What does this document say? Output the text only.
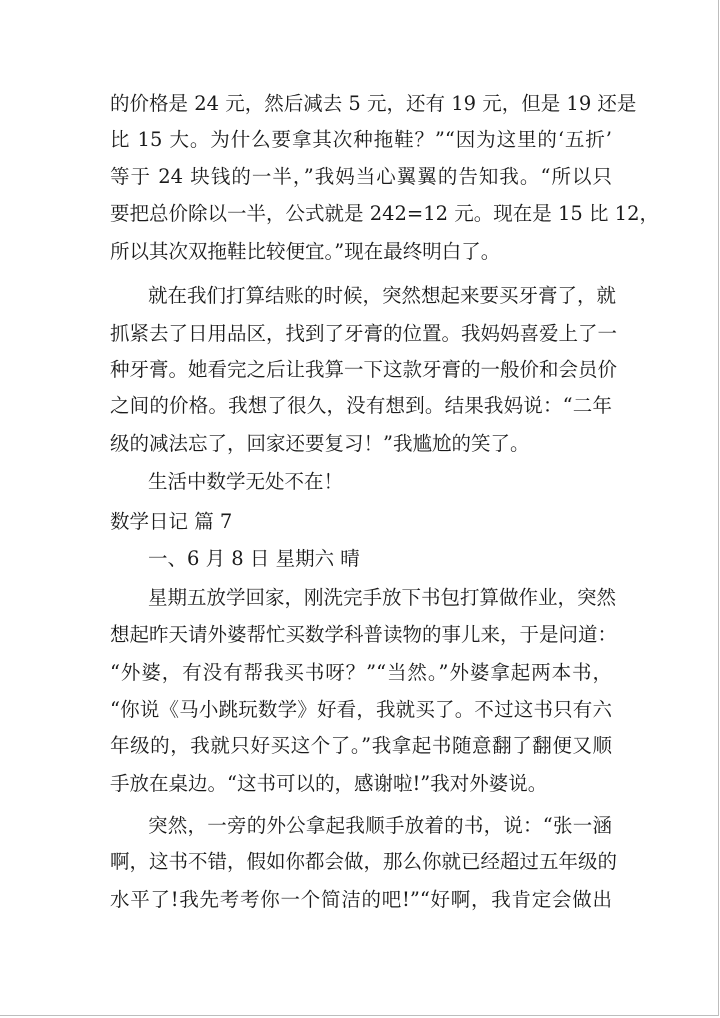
的价格是 24 元，然后减去 5 元，还有 19 元，但是 19 还是
比 15 大。为什么要拿其次种拖鞋？”“因为这里的‘五折’
等于 24 块钱的一半，”我妈当心翼翼的告知我。“所以只
要把总价除以一半，公式就是 242=12 元。现在是 15 比 12，
所以其次双拖鞋比较便宜。”现在最终明白了。
就在我们打算结账的时候，突然想起来要买牙膏了，就
抓紧去了日用品区，找到了牙膏的位置。我妈妈喜爱上了一
种牙膏。她看完之后让我算一下这款牙膏的一般价和会员价
之间的价格。我想了很久，没有想到。结果我妈说：“二年
级的减法忘了，回家还要复习！”我尴尬的笑了。
生活中数学无处不在！
数学日记 篇 7
一、6 月 8 日 星期六 晴
星期五放学回家，刚洗完手放下书包打算做作业，突然
想起昨天请外婆帮忙买数学科普读物的事儿来，于是问道：
“外婆，有没有帮我买书呀？”“当然。”外婆拿起两本书，
“你说《马小跳玩数学》好看，我就买了。不过这书只有六
年级的，我就只好买这个了。”我拿起书随意翻了翻便又顺
手放在桌边。“这书可以的，感谢啦!”我对外婆说。
突然，一旁的外公拿起我顺手放着的书，说：“张一涵
啊，这书不错，假如你都会做，那么你就已经超过五年级的
水平了!我先考考你一个简洁的吧!”“好啊，我肯定会做出
